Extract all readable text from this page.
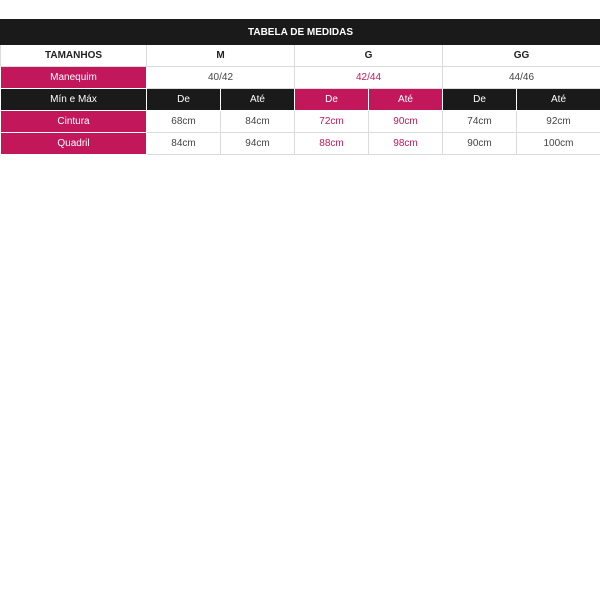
TABELA DE MEDIDAS						
TAMANHOS	M		G		GG	
Manequim	40/42		42/44		44/46	
Mín e Máx	De	Até	De	Até	De	Até
Cintura	68cm	84cm	72cm	90cm	74cm	92cm
Quadril	84cm	94cm	88cm	98cm	90cm	100cm
